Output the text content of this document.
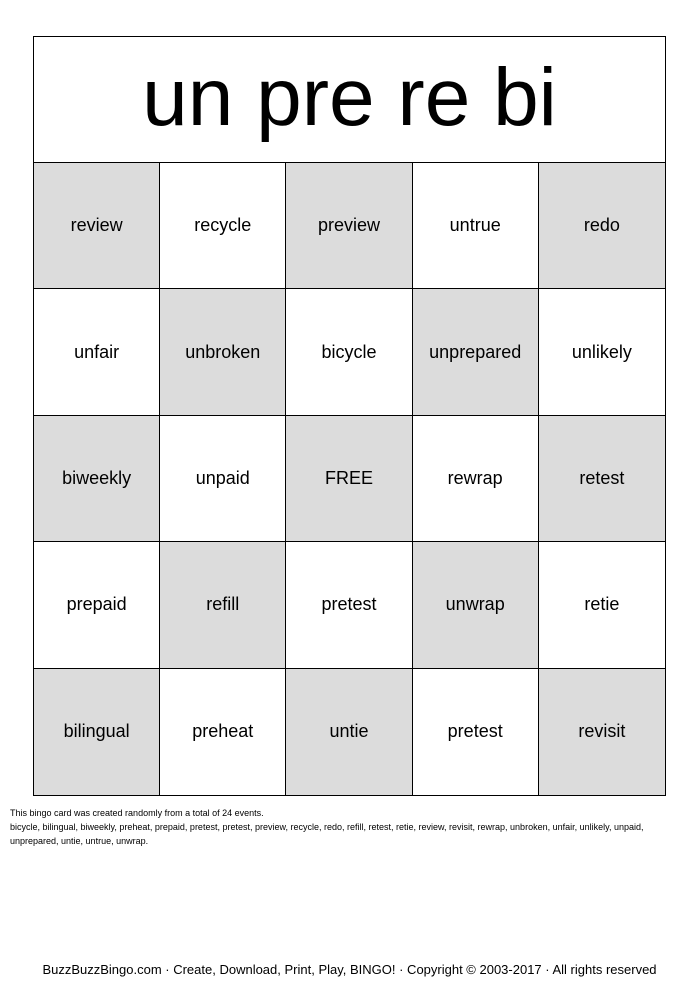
un pre re bi
review	recycle	preview	untrue	redo
unfair	unbroken	bicycle	unprepared	unlikely
biweekly	unpaid	FREE	rewrap	retest
prepaid	refill	pretest	unwrap	retie
bilingual	preheat	untie	pretest	revisit
This bingo card was created randomly from a total of 24 events.
bicycle, bilingual, biweekly, preheat, prepaid, pretest, pretest, preview, recycle, redo, refill, retest, retie, review, revisit, rewrap, unbroken, unfair, unlikely, unpaid, unprepared, untie, untrue, unwrap.
BuzzBuzzBingo.com · Create, Download, Print, Play, BINGO! · Copyright © 2003-2017 · All rights reserved
